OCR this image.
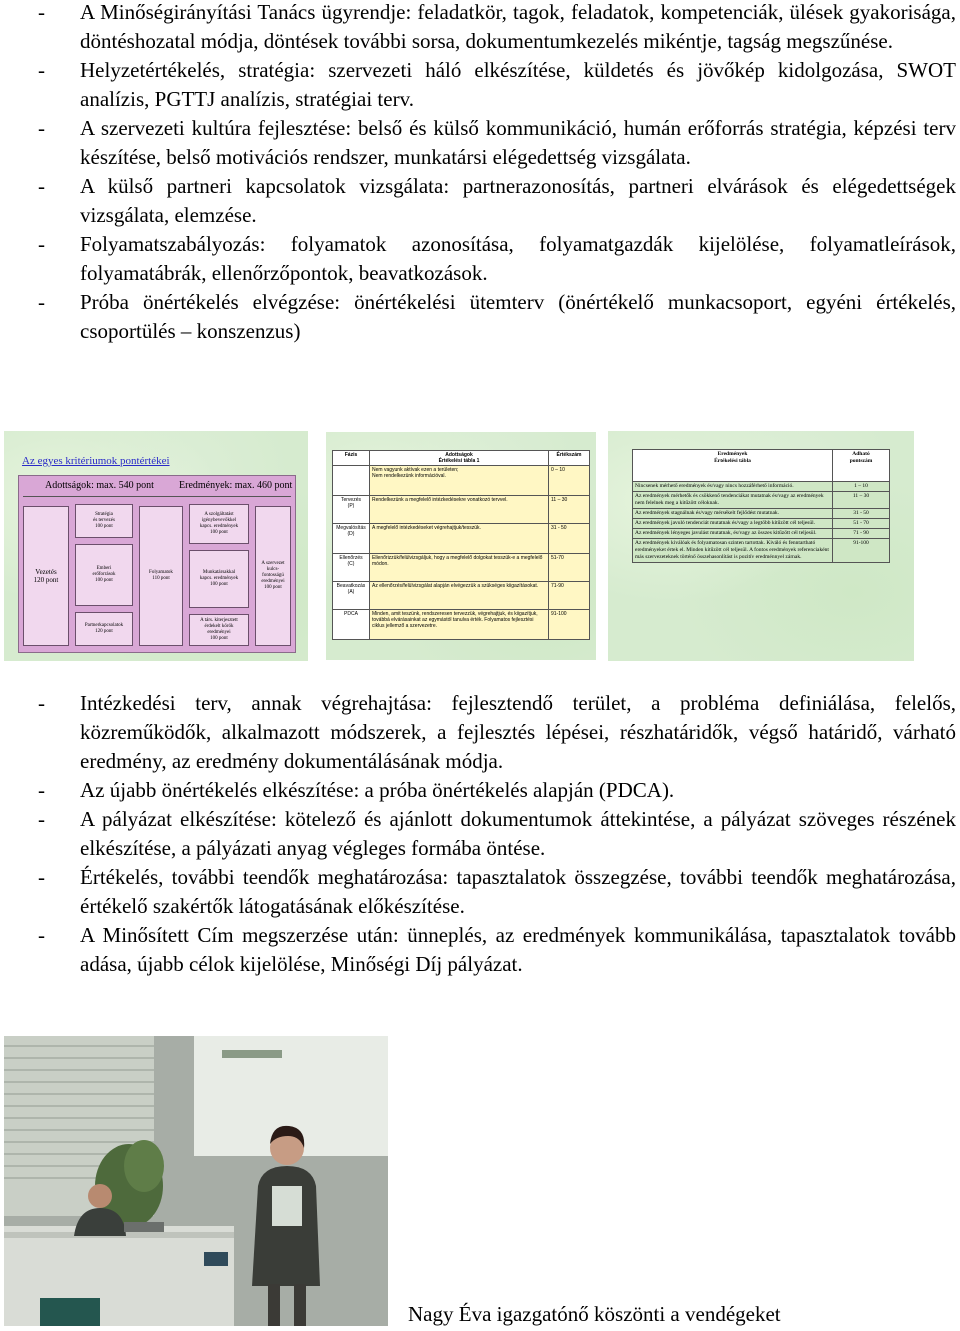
- A Minőségirányítási Tanács ügyrendje: feladatkör, tagok, feladatok, kompetenciák, ülések gyakorisága, döntéshozatal módja, döntések további sorsa, dokumentumkezelés mikéntje, tagság megszűnése.
- Helyzetértékelés, stratégia: szervezeti háló elkészítése, küldetés és jövőkép kidolgozása, SWOT analízis, PGTTJ analízis, stratégiai terv.
- A szervezeti kultúra fejlesztése: belső és külső kommunikáció, humán erőforrás stratégia, képzési terv készítése, belső motivációs rendszer, munkatársi elégedettség vizsgálata.
- A külső partneri kapcsolatok vizsgálata: partnerazonosítás, partneri elvárások és elégedettségek vizsgálata, elemzése.
- Folyamatszabályozás: folyamatok azonosítása, folyamatgazdák kijelölése, folyamatleírások, folyamatábrák, ellenőrzőpontok, beavatkozások.
- Próba önértékelés elvégzése: önértékelési ütemterv (önértékelő munkacsoport, egyéni értékelés, csoportülés – konszenzus)
Az egyes kritériumok pontértékei
Adottságok: max. 540 pont	Eredmények: max. 460 pont
Vezetés
120 pont
Stratégia
és tervezés
100 pont
Emberi
erőforrások
100 pont
Partnerkapcsolatok
120 pont
Folyamatok
110 pont
A szolgáltatást
igénybevevőkkel
kapcs. eredmények
100 pont
Munkatársakkal
kapcs. eredmények
100 pont
A társ. kiterjesztett
érdekelt körök
eredményei
100 pont
A szervezet
kulcs-
fontosságú
eredményei
100 pont
Fázis	Adottságok
Értékelési tábla 1	Értékszám
	Nem vagyunk aktívak ezen a területen;
Nem rendelkezünk információval.	0 – 10
Tervezés
(P)	Rendelkezünk a megfelelő intézkedésekre vonatkozó tervvel.	11 – 30
Megvalósítás
(D)	A megfelelő intézkedéseket végrehajtjuk/tesszük.	31 - 50
Ellenőrzés
(C)	Ellenőrizzük/felülvizsgáljuk, hogy a megfelelő dolgokat tesszük-e a megfelelő módon.	51-70
Beavatkozás
(A)	Az ellenőrzés/felülvizsgálat alapján elvégezzük a szükséges kiigazításokat.	71-90
PDCA	Minden, amit teszünk, rendszeresen tervezzük, végrehajtjuk, és kiigazítjuk, továbbá elvárásainkat az egymástól tanulva érték. Folyamatos fejlesztési ciklus jellemző a szervezetre.	91-100
Eredmények
Értékelési tábla	Adható
pontszám
Nincsenek mérhető eredmények és/vagy nincs hozzáférhető információ.	1 – 10
Az eredmények mérhetők és csökkenő tendenciákat mutatnak és/vagy az eredmények nem felelnek meg a kitűzött céloknak.	11 – 30
Az eredmények stagnálnak és/vagy mérsékelt fejlődést mutatnak.	31 - 50
Az eredmények javuló tendenciát mutatnak és/vagy a legtöbb kitűzött cél teljesül.	51 - 70
Az eredmények lényeges javulást mutatnak, és/vagy az összes kitűzött cél teljesül.	71 - 90
Az eredmények kiválóak és folyamatosan szinten tartottak. Kiváló és fenntartható eredményeket értek el. Minden kitűzött cél teljesül. A fontos eredmények referenciaként más szervezeteknek történő összehasonlítást is pozitív eredménnyel zárnak.	91-100
- Intézkedési terv, annak végrehajtása: fejlesztendő terület, a probléma definiálása, felelős, közreműködők, alkalmazott módszerek, a fejlesztés lépései, részhatáridők, végső határidő, várható eredmény, az eredmény dokumentálásának módja.
- Az újabb önértékelés elkészítése: a próba önértékelés alapján (PDCA).
- A pályázat elkészítése: kötelező és ajánlott dokumentumok áttekintése, a pályázat szöveges részének elkészítése, a pályázati anyag végleges formába öntése.
- Értékelés, további teendők meghatározása: tapasztalatok összegzése, további teendők meghatározása, értékelő szakértők látogatásának előkészítése.
- A Minősített Cím megszerzése után: ünneplés, az eredmények kommunikálása, tapasztalatok tovább adása, újabb célok kijelölése, Minőségi Díj pályázat.
Nagy Éva igazgatónő köszönti a vendégeket
